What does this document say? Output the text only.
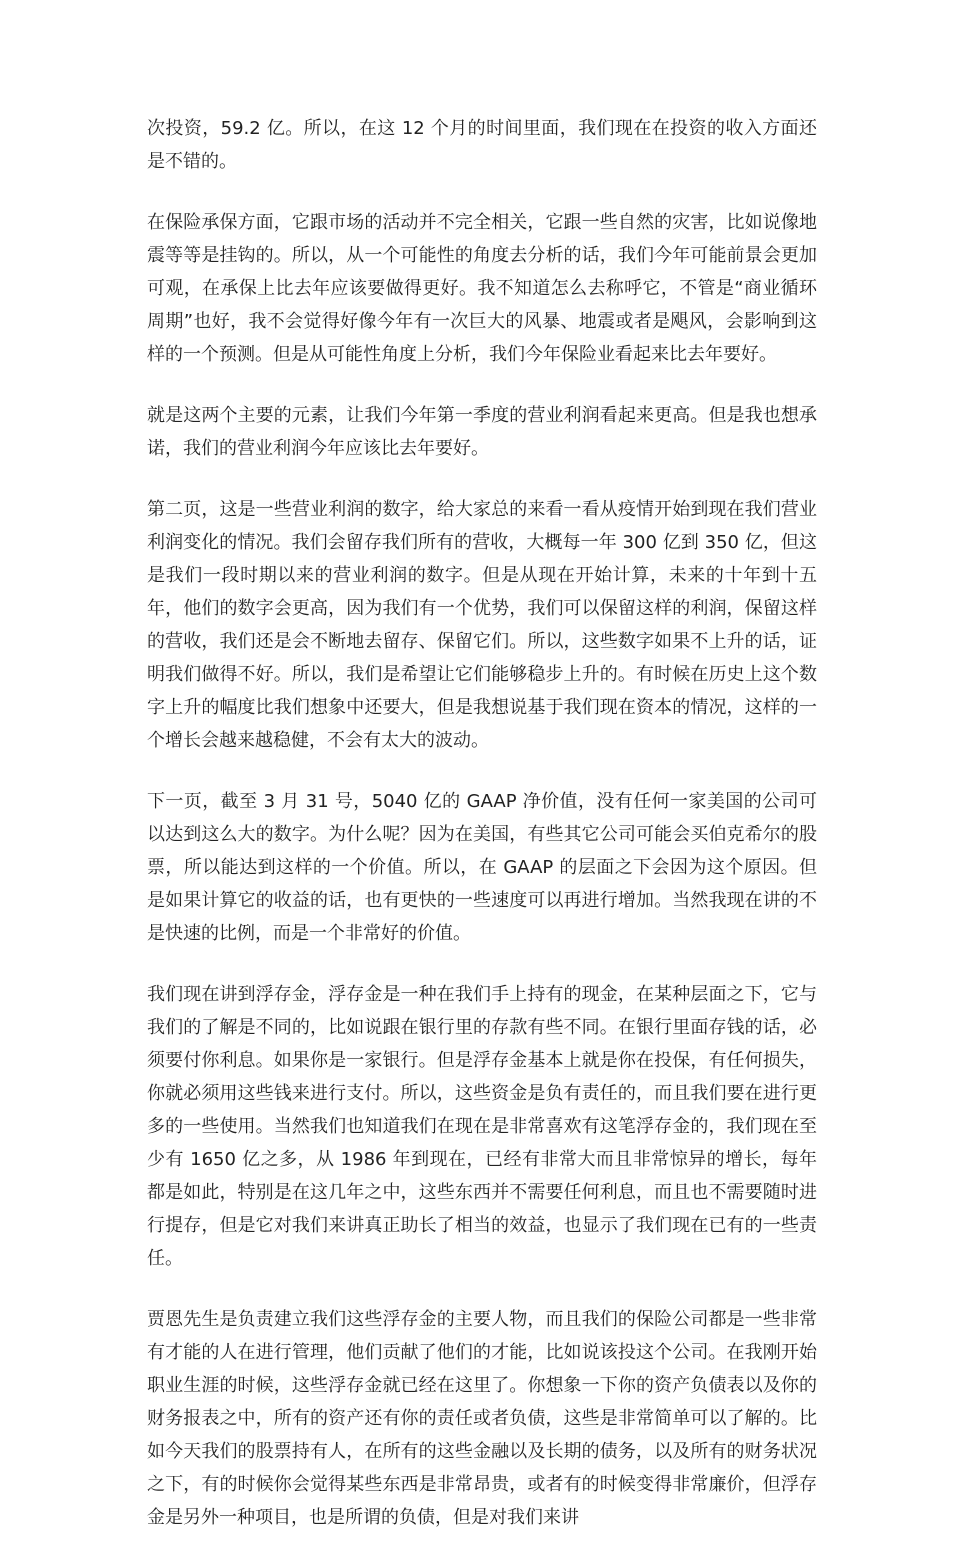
次投资，59.2 亿。所以，在这 12 个月的时间里面，我们现在在投资的收入方面还是不错的。

在保险承保方面，它跟市场的活动并不完全相关，它跟一些自然的灾害，比如说像地震等等是挂钩的。所以，从一个可能性的角度去分析的话，我们今年可能前景会更加可观，在承保上比去年应该要做得更好。我不知道怎么去称呼它，不管是“商业循环周期”也好，我不会觉得好像今年有一次巨大的风暴、地震或者是飓风，会影响到这样的一个预测。但是从可能性角度上分析，我们今年保险业看起来比去年要好。

就是这两个主要的元素，让我们今年第一季度的营业利润看起来更高。但是我也想承诺，我们的营业利润今年应该比去年要好。

第二页，这是一些营业利润的数字，给大家总的来看一看从疫情开始到现在我们营业利润变化的情况。我们会留存我们所有的营收，大概每一年 300 亿到 350 亿，但这是我们一段时期以来的营业利润的数字。但是从现在开始计算，未来的十年到十五年，他们的数字会更高，因为我们有一个优势，我们可以保留这样的利润，保留这样的营收，我们还是会不断地去留存、保留它们。所以，这些数字如果不上升的话，证明我们做得不好。所以，我们是希望让它们能够稳步上升的。有时候在历史上这个数字上升的幅度比我们想象中还要大，但是我想说基于我们现在资本的情况，这样的一个增长会越来越稳健，不会有太大的波动。

下一页，截至 3 月 31 号，5040 亿的 GAAP 净价值，没有任何一家美国的公司可以达到这么大的数字。为什么呢？因为在美国，有些其它公司可能会买伯克希尔的股票，所以能达到这样的一个价值。所以，在 GAAP 的层面之下会因为这个原因。但是如果计算它的收益的话，也有更快的一些速度可以再进行增加。当然我现在讲的不是快速的比例，而是一个非常好的价值。

我们现在讲到浮存金，浮存金是一种在我们手上持有的现金，在某种层面之下，它与我们的了解是不同的，比如说跟在银行里的存款有些不同。在银行里面存钱的话，必须要付你利息。如果你是一家银行。但是浮存金基本上就是你在投保，有任何损失，你就必须用这些钱来进行支付。所以，这些资金是负有责任的，而且我们要在进行更多的一些使用。当然我们也知道我们在现在是非常喜欢有这笔浮存金的，我们现在至少有 1650 亿之多，从 1986 年到现在，已经有非常大而且非常惊异的增长，每年都是如此，特别是在这几年之中，这些东西并不需要任何利息，而且也不需要随时进行提存，但是它对我们来讲真正助长了相当的效益，也显示了我们现在已有的一些责任。

贾恩先生是负责建立我们这些浮存金的主要人物，而且我们的保险公司都是一些非常有才能的人在进行管理，他们贡献了他们的才能，比如说该投这个公司。在我刚开始职业生涯的时候，这些浮存金就已经在这里了。你想象一下你的资产负债表以及你的财务报表之中，所有的资产还有你的责任或者负债，这些是非常简单可以了解的。比如今天我们的股票持有人，在所有的这些金融以及长期的债务，以及所有的财务状况之下，有的时候你会觉得某些东西是非常昂贵，或者有的时候变得非常廉价，但浮存金是另外一种项目，也是所谓的负债，但是对我们来讲
